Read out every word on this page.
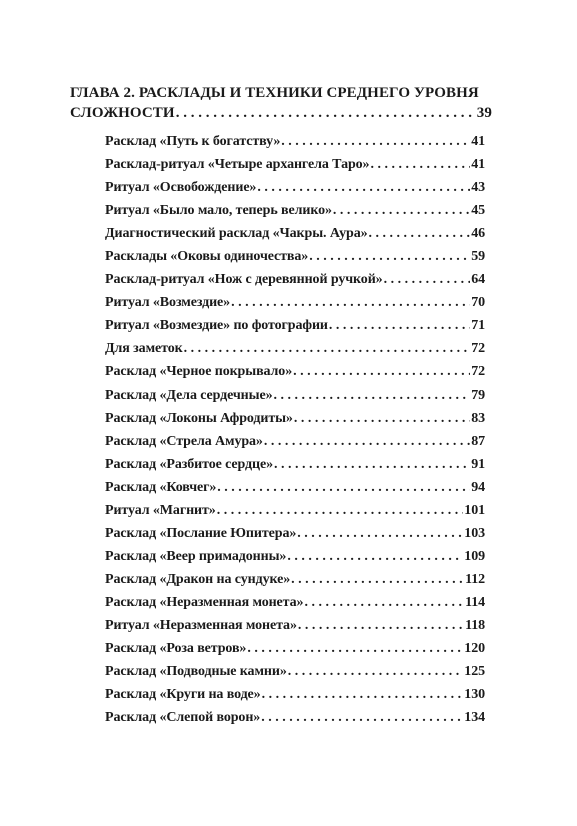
ГЛАВА 2. РАСКЛАДЫ И ТЕХНИКИ СРЕДНЕГО УРОВНЯ
СЛОЖНОСТИ . . .	39
Расклад «Путь к богатству» . . .	41
Расклад-ритуал «Четыре архангела Таро» . . .	41
Ритуал «Освобождение» . . .	43
Ритуал «Было мало, теперь велико» . . .	45
Диагностический расклад «Чакры. Аура» . . .	46
Расклады «Оковы одиночества» . . .	59
Расклад-ритуал «Нож с деревянной ручкой» . . .	64
Ритуал «Возмездие» . . .	70
Ритуал «Возмездие» по фотографии . . .	71
Для заметок . . .	72
Расклад «Черное покрывало» . . .	72
Расклад «Дела сердечные» . . .	79
Расклад «Локоны Афродиты» . . .	83
Расклад «Стрела Амура» . . .	87
Расклад «Разбитое сердце» . . .	91
Расклад «Ковчег» . . .	94
Ритуал «Магнит» . . .	101
Расклад «Послание Юпитера» . . .	103
Расклад «Веер примадонны» . . .	109
Расклад «Дракон на сундуке» . . .	112
Расклад «Неразменная монета» . . .	114
Ритуал «Неразменная монета» . . .	118
Расклад «Роза ветров» . . .	120
Расклад «Подводные камни» . . .	125
Расклад «Круги на воде» . . .	130
Расклад «Слепой ворон» . . .	134
